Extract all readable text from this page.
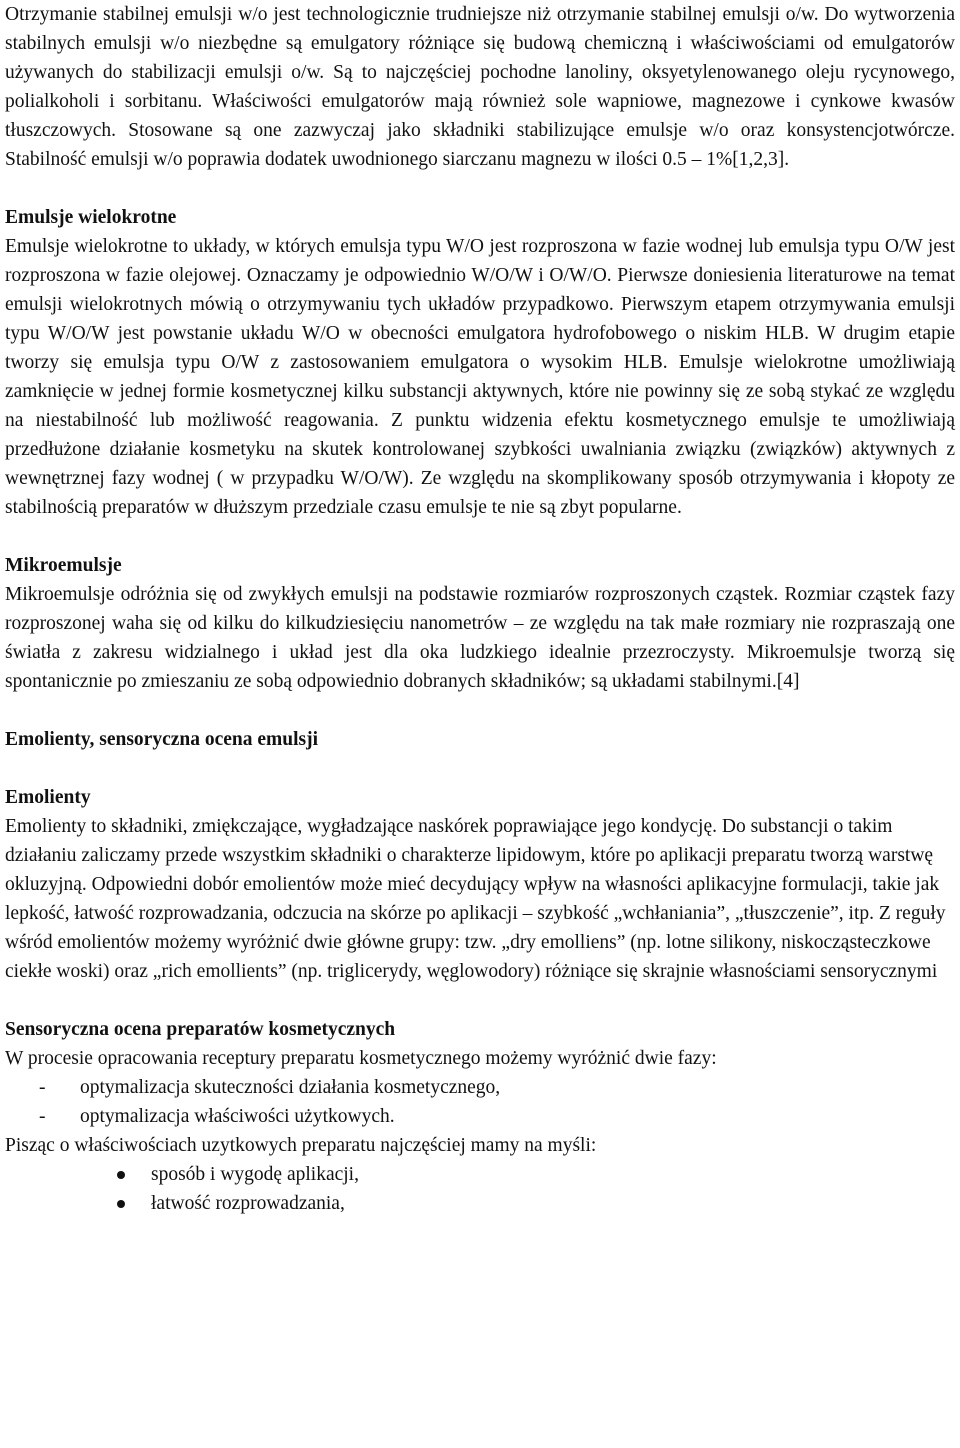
Otrzymanie stabilnej emulsji w/o jest technologicznie trudniejsze niż otrzymanie stabilnej emulsji o/w. Do wytworzenia stabilnych emulsji w/o niezbędne są emulgatory różniące się budową chemiczną i właściwościami od emulgatorów używanych do stabilizacji emulsji o/w. Są to najczęściej pochodne lanoliny, oksyetylenowanego oleju rycynowego, polialkoholi i sorbitanu. Właściwości emulgatorów mają również sole wapniowe, magnezowe i cynkowe kwasów tłuszczowych. Stosowane są one zazwyczaj jako składniki stabilizujące emulsje w/o oraz konsystencjotwórcze. Stabilność emulsji w/o poprawia dodatek uwodnionego siarczanu magnezu w ilości 0.5 – 1%[1,2,3].

Emulsje wielokrotne

Emulsje wielokrotne to układy, w których emulsja typu W/O jest rozproszona w fazie wodnej lub emulsja typu O/W jest rozproszona w fazie olejowej. Oznaczamy je odpowiednio W/O/W i O/W/O. Pierwsze doniesienia literaturowe na temat emulsji wielokrotnych mówią o otrzymywaniu tych układów przypadkowo. Pierwszym etapem otrzymywania emulsji typu W/O/W jest powstanie układu W/O w obecności emulgatora hydrofobowego o niskim HLB. W drugim etapie tworzy się emulsja typu O/W z zastosowaniem emulgatora o wysokim HLB. Emulsje wielokrotne umożliwiają zamknięcie w jednej formie kosmetycznej kilku substancji aktywnych, które nie powinny się ze sobą stykać ze względu na niestabilność lub możliwość reagowania. Z punktu widzenia efektu kosmetycznego emulsje te umożliwiają przedłużone działanie kosmetyku na skutek kontrolowanej szybkości uwalniania związku (związków) aktywnych z wewnętrznej fazy wodnej ( w przypadku W/O/W). Ze względu na skomplikowany sposób otrzymywania i kłopoty ze stabilnością preparatów w dłuższym przedziale czasu emulsje te nie są zbyt popularne.

Mikroemulsje

Mikroemulsje odróżnia się od zwykłych emulsji na podstawie rozmiarów rozproszonych cząstek. Rozmiar cząstek fazy rozproszonej waha się od kilku do kilkudziesięciu nanometrów – ze względu na tak małe rozmiary nie rozpraszają one światła z zakresu widzialnego i układ jest dla oka ludzkiego idealnie przezroczysty. Mikroemulsje tworzą się spontanicznie po zmieszaniu ze sobą odpowiednio dobranych składników; są układami stabilnymi.[4]

Emolienty, sensoryczna ocena emulsji
Emolienty

Emolienty to składniki, zmiękczające, wygładzające naskórek poprawiające jego kondycję. Do substancji o takim działaniu zaliczamy przede wszystkim składniki o charakterze lipidowym, które po aplikacji preparatu tworzą warstwę okluzyjną. Odpowiedni dobór emolientów może mieć decydujący wpływ na własności aplikacyjne formulacji, takie jak lepkość, łatwość rozprowadzania, odczucia na skórze po aplikacji – szybkość „wchłaniania”, „tłuszczenie”, itp. Z reguły wśród emolientów możemy wyróżnić dwie główne grupy: tzw. „dry emolliens” (np. lotne silikony, niskocząsteczkowe ciekłe woski) oraz „rich emollients” (np. triglicerydy, węglowodory) różniące się skrajnie własnościami sensorycznymi

Sensoryczna ocena preparatów kosmetycznych

W procesie opracowania receptury preparatu kosmetycznego możemy wyróżnić dwie fazy:

- optymalizacja skuteczności działania kosmetycznego,
- optymalizacja właściwości użytkowych.

Pisząc o właściwościach uzytkowych preparatu najczęściej mamy na myśli:

sposób i wygodę aplikacji,
łatwość rozprowadzania,
